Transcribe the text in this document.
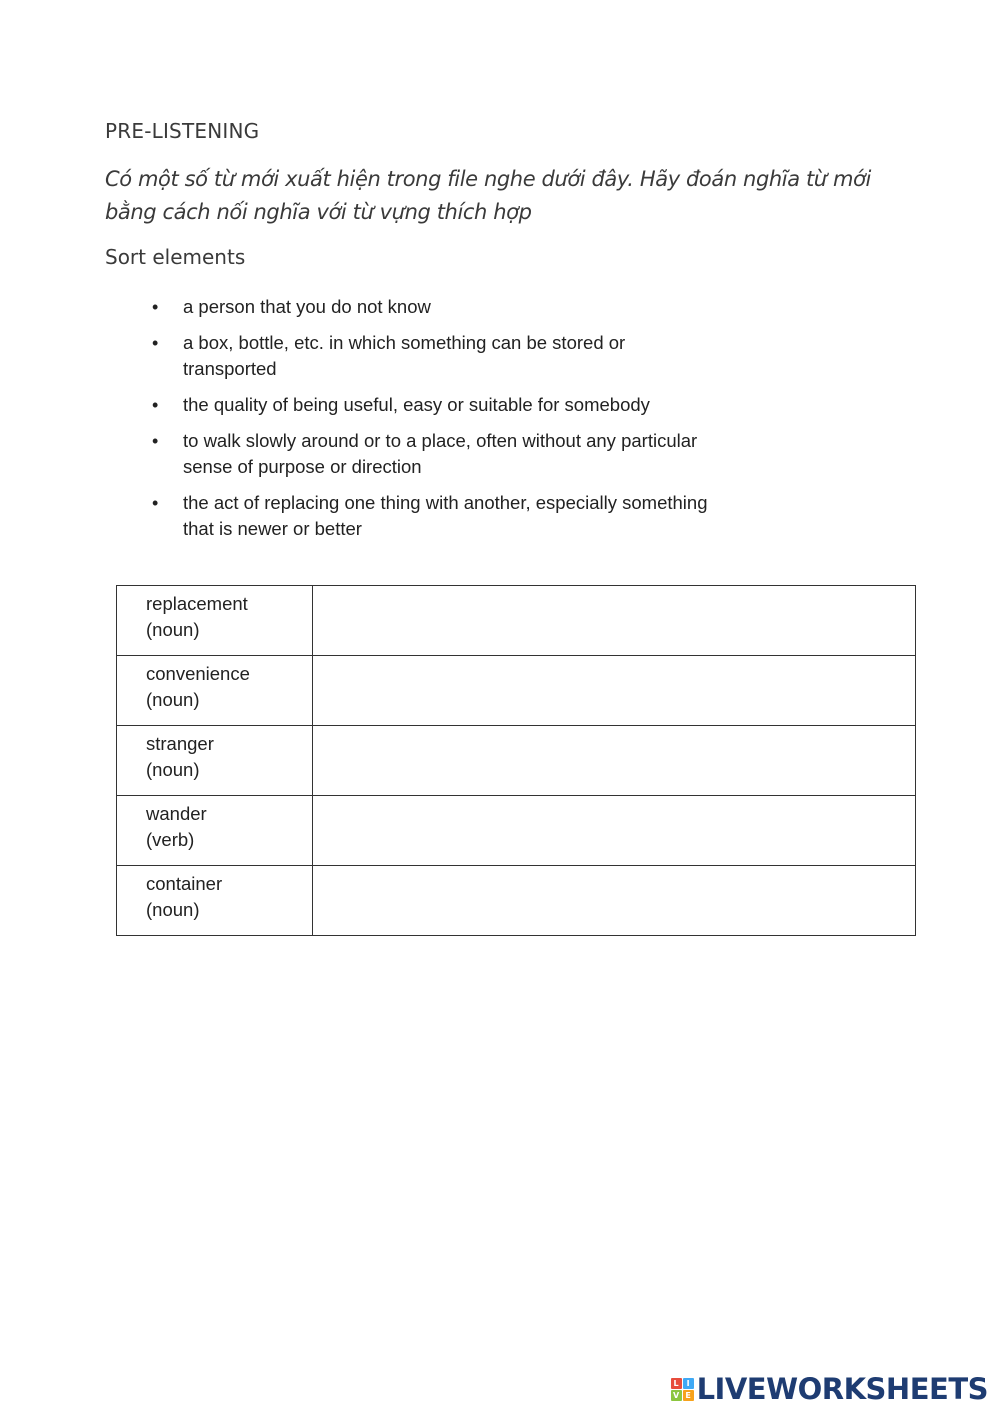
PRE-LISTENING
Có một số từ mới xuất hiện trong file nghe dưới đây. Hãy đoán nghĩa từ mới bằng cách nối nghĩa với từ vựng thích hợp
Sort elements
• a person that you do not know
• a box, bottle, etc. in which something can be stored or transported
• the quality of being useful, easy or suitable for somebody
• to walk slowly around or to a place, often without any particular sense of purpose or direction
• the act of replacing one thing with another, especially something that is newer or better
replacement
(noun)	

convenience
(noun)	

stranger
(noun)	

wander
(verb)	

container
(noun)	

L I
V E LIVEWORKSHEETS
